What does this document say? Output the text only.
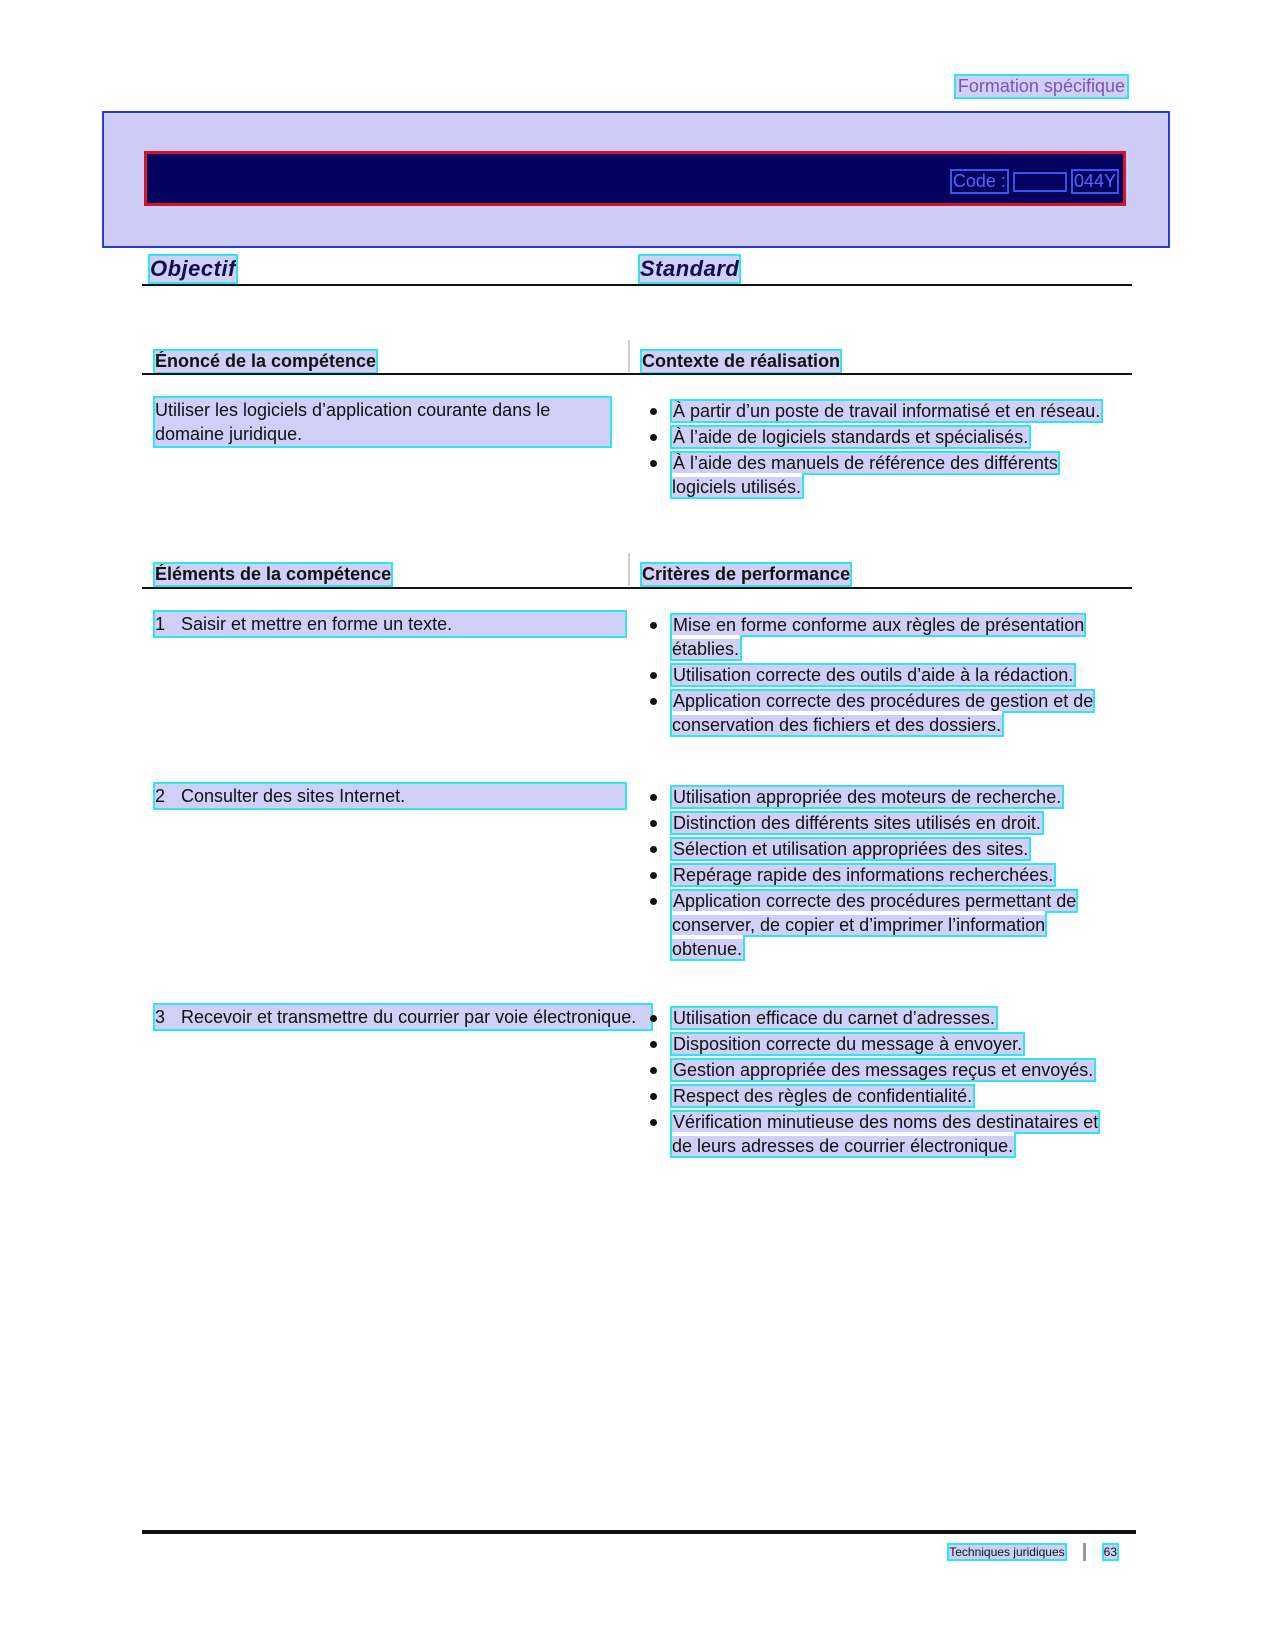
Formation spécifique
Code :	044Y
Objectif	Standard
Énoncé de la compétence	Contexte de réalisation
Utiliser les logiciels d’application courante dans le domaine juridique.
À partir d’un poste de travail informatisé et en réseau.
À l’aide de logiciels standards et spécialisés.
À l’aide des manuels de référence des différents logiciels utilisés.
Éléments de la compétence	Critères de performance
1 Saisir et mettre en forme un texte.	Mise en forme conforme aux règles de présentation établies.
Utilisation correcte des outils d’aide à la rédaction.
Application correcte des procédures de gestion et de conservation des fichiers et des dossiers.
2 Consulter des sites Internet.	Utilisation appropriée des moteurs de recherche.
Distinction des différents sites utilisés en droit.
Sélection et utilisation appropriées des sites.
Repérage rapide des informations recherchées.
Application correcte des procédures permettant de conserver, de copier et d’imprimer l’information obtenue.
3 Recevoir et transmettre du courrier par voie électronique.	Utilisation efficace du carnet d’adresses.
Disposition correcte du message à envoyer.
Gestion appropriée des messages reçus et envoyés.
Respect des règles de confidentialité.
Vérification minutieuse des noms des destinataires et de leurs adresses de courrier électronique.
Techniques juridiques	63
